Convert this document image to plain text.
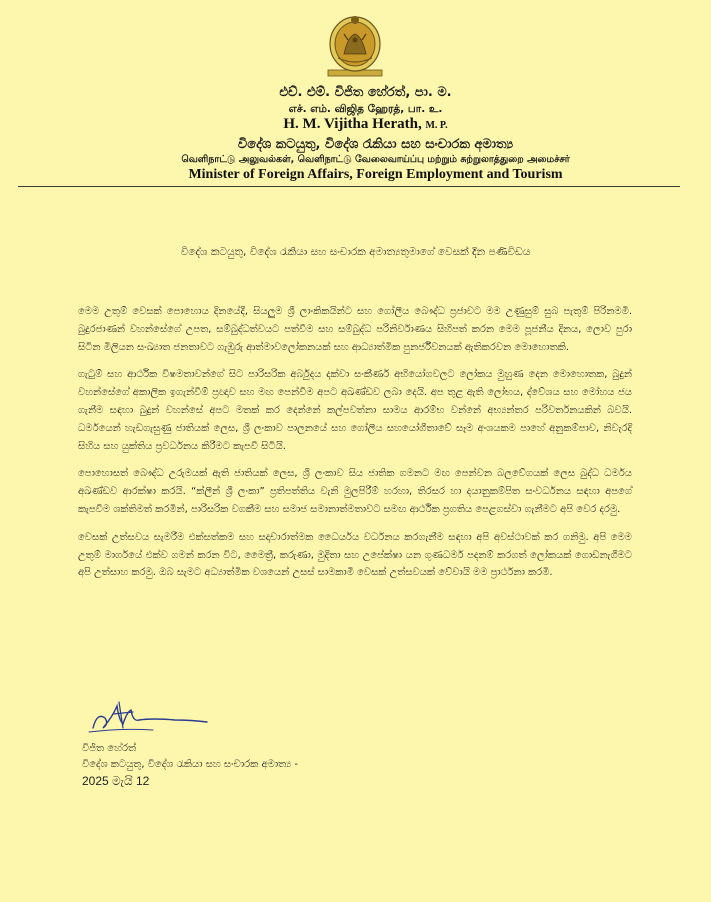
එච්. එම්. විජිත හේරත්, පා. ම.
எச். எம். விஜித ஹேரத், பா. உ.
H. M. Vijitha Herath, M. P.
විදේශ කටයුතු, විදේශ රැකියා සහ සංචාරක අමාත්‍ය
வெளிநாட்டு அலுவல்கள், வெளிநாட்டு வேலைவாய்ப்பு மற்றும் சுற்றுலாத்துறை அமைச்சர்
Minister of Foreign Affairs, Foreign Employment and Tourism
විදේශ කටයුතු, විදේශ රැකියා සහ සංචාරක අමාත්‍යතුමාගේ වෙසක් දින පණිවිඩය

මෙම උතුම් වෙසක් පොහොය දිනයේදී, සියලුම ශ්‍රී ලාංකිකයින්ට සහ ගෝලීය බෞද්ධ ප්‍රජාවට මම උණුසුම් සුබ පැතුම් පිරිනමමි. බුදුරජාණන් වහන්සේගේ උපත, සම්බුද්ධත්වයට පත්වීම සහ සම්බුද්ධ පරිනිර්වාණය සිහිපත් කරන මෙම පූජනීය දිනය, ලොව පුරා සිටින මිලියන සංඛ්‍යාත ජනතාවට ගැඹුරු ආත්මාවලෝකනයක් සහ ආධ්‍යාත්මික පුනර්ජීවනයක් ඇතිකරවන මොහොතකි.

ගැටුම් සහ ආර්ථික විෂමතාවන්ගේ සිට පාරිසරික අර්බුදය දක්වා සංකීර්ණ අභියෝගවලට ලෝකය මුහුණ දෙන මොහොතක, බුදුන් වහන්සේගේ අකාලික ඉගැන්වීම් ප්‍රඥාව සහ මඟ පෙන්වීම අපට අඛණ්ඩව ලබා දෙයි. අප තුළ ඇති ලෝභය, ද්වේශය සහ මෝහය ජය ගැනීම සඳහා බුදුන් වහන්සේ අපට මතක් කර දෙන්නේ කල්පවත්නා සාමය ආරම්භ වන්නේ අභ්‍යන්තර පරිවර්තනයකින් බවයි. ධර්මයෙන් හැඩගැසුණු ජාතියක් ලෙස, ශ්‍රී ලංකාව පාලනයේ සහ ගෝලීය සහයෝගීතාවේ සෑම අංශයකම පාහේ අනුකම්පාව, නිවැරදි සිහිය සහ යුක්තිය ප්‍රවර්ධනය කිරීමට කැපවී සිටියි.

පොහොසත් බෞද්ධ උරුමයක් ඇති ජාතියක් ලෙස, ශ්‍රී ලංකාව සිය ජාතික ගමනට මඟ පෙන්වන බලවේගයක් ලෙස බුද්ධ ධර්මය අඛණ්ඩව ආරක්ෂා කරයි. “ක්ලීන් ශ්‍රී ලංකා” ප්‍රතිපත්තිය වැනි මුලපිරීම් හරහා, තිරසර හා දයානුකම්පිත සංවර්ධනය සඳහා අපගේ කැපවීම ශක්තිමත් කරමින්, පාරිසරික වගකීම සහ සමාජ සමානාත්මතාවට සමඟ ආර්ථික ප්‍රගතිය පෙළගස්වා ගැනීමට අපි වෙර දරමු.

වෙසක් උත්සවය සැමරීම එක්සත්කම සහ සදාචාරාත්මක ධෛර්යය වර්ධනය කරගැනීම සඳහා අපි අවස්ථාවක් කර ගනිමු. අපි මෙම උතුම් මාර්ගයේ එක්ව ගමන් කරන විට, මෛත්‍රී, කරුණා, මුදිතා සහ උපේක්ෂා යන ගුණධර්ම පදනම් කරගත් ලෝකයක් ගොඩනැගීමට අපි උත්සාහ කරමු. ඔබ සැමට අධ්‍යාත්මික වශයෙන් උසස් සාමකාමී වෙසක් උත්සවයක් වේවායි මම ප්‍රාර්ථනා කරමි.

විජිත හේරත්
විදේශ කටයුතු, විදේශ රැකියා සහ සංචාරක අමාත්‍ය -
2025 මැයි 12
